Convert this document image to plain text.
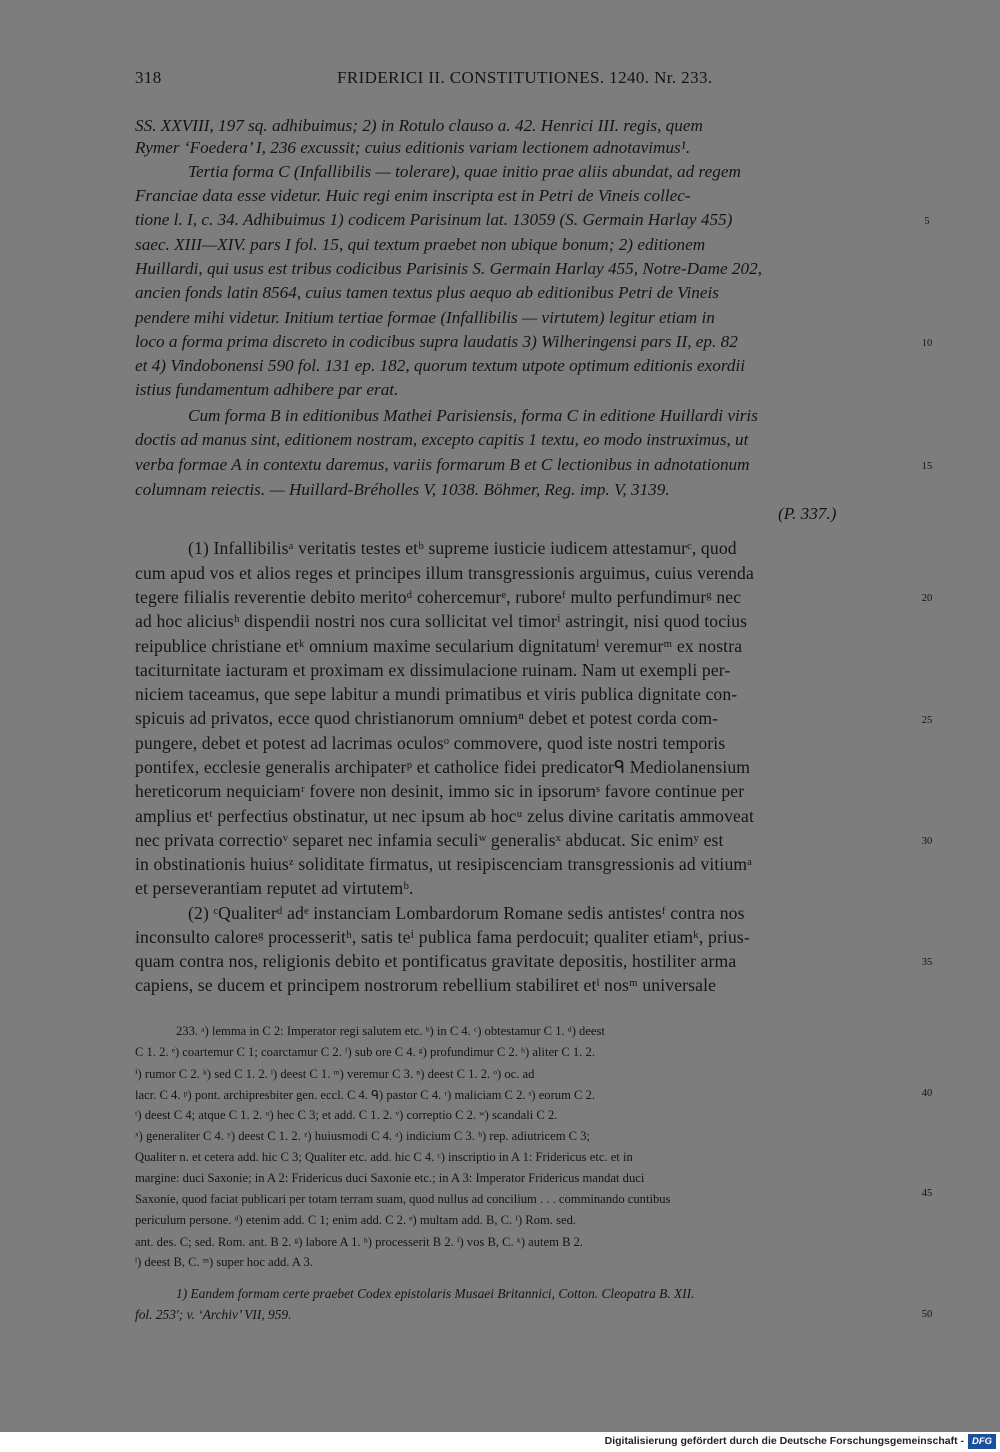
318	FRIDERICI II. CONSTITUTIONES. 1240. Nr. 233.
SS. XXVIII, 197 sq. adhibuimus; 2) in Rotulo clauso a. 42. Henrici III. regis, quem
Rymer ‘Foedera’ I, 236 excussit; cuius editionis variam lectionem adnotavimus¹.
Tertia forma C (Infallibilis — tolerare), quae initio prae aliis abundat, ad regem
Franciae data esse videtur. Huic regi enim inscripta est in Petri de Vineis collec-
tione l. I, c. 34. Adhibuimus 1) codicem Parisinum lat. 13059 (S. Germain Harlay 455)
saec. XIII—XIV. pars I fol. 15, qui textum praebet non ubique bonum; 2) editionem
Huillardi, qui usus est tribus codicibus Parisinis S. Germain Harlay 455, Notre-Dame 202,
ancien fonds latin 8564, cuius tamen textus plus aequo ab editionibus Petri de Vineis
pendere mihi videtur. Initium tertiae formae (Infallibilis — virtutem) legitur etiam in
loco a forma prima discreto in codicibus supra laudatis 3) Wilheringensi pars II, ep. 82
et 4) Vindobonensi 590 fol. 131 ep. 182, quorum textum utpote optimum editionis exordii
istius fundamentum adhibere par erat.
Cum forma B in editionibus Mathei Parisiensis, forma C in editione Huillardi viris
doctis ad manus sint, editionem nostram, excepto capitis 1 textu, eo modo instruximus, ut
verba formae A in contextu daremus, variis formarum B et C lectionibus in adnotationum
columnam reiectis. — Huillard-Bréholles V, 1038. Böhmer, Reg. imp. V, 3139.
(P. 337.)
(1) Infallibilisᵃ veritatis testes etᵇ supreme iusticie iudicem attestamurᶜ, quod
cum apud vos et alios reges et principes illum transgressionis arguimus, cuius verenda
tegere filialis reverentie debito meritoᵈ cohercemurᵉ, ruboreᶠ multo perfundimurᵍ nec
ad hoc aliciusʰ dispendii nostri nos cura sollicitat vel timorⁱ astringit, nisi quod tocius
reipublice christiane etᵏ omnium maxime secularium dignitatumˡ veremurᵐ ex nostra
taciturnitate iacturam et proximam ex dissimulacione ruinam. Nam ut exempli per-
niciem taceamus, que sepe labitur a mundi primatibus et viris publica dignitate con-
spicuis ad privatos, ecce quod christianorum omniumⁿ debet et potest corda com-
pungere, debet et potest ad lacrimas oculosᵒ commovere, quod iste nostri temporis
pontifex, ecclesie generalis archipaterᵖ et catholice fidei predicatorᑫ Mediolanensium
hereticorum nequiciamʳ fovere non desinit, immo sic in ipsorumˢ favore continue per
amplius etᵗ perfectius obstinatur, ut nec ipsum ab hocᵘ zelus divine caritatis ammoveat
nec privata correctioᵛ separet nec infamia seculiʷ generalisˣ abducat. Sic enimʸ est
in obstinationis huiusᶻ soliditate firmatus, ut resipiscenciam transgressionis ad vitiumᵃ
et perseverantiam reputet ad virtutemᵇ.
(2) ᶜQualiterᵈ adᵉ instanciam Lombardorum Romane sedis antistesᶠ contra nos
inconsulto caloreᵍ processeritʰ, satis teⁱ publica fama perdocuit; qualiter etiamᵏ, prius-
quam contra nos, religionis debito et pontificatus gravitate depositis, hostiliter arma
capiens, se ducem et principem nostrorum rebellium stabiliret etˡ nosᵐ universale
233. ᵃ) lemma in C 2: Imperator regi salutem etc. ᵇ) in C 4. ᶜ) obtestamur C 1. ᵈ) deest
C 1. 2. ᵉ) coartemur C 1; coarctamur C 2. ᶠ) sub ore C 4. ᵍ) profundimur C 2. ʰ) aliter C 1. 2.
ⁱ) rumor C 2. ᵏ) sed C 1. 2. ˡ) deest C 1. ᵐ) veremur C 3. ⁿ) deest C 1. 2. ᵒ) oc. ad
lacr. C 4. ᵖ) pont. archipresbiter gen. eccl. C 4. ᑫ) pastor C 4. ʳ) maliciam C 2. ˢ) eorum C 2.
ᵗ) deest C 4; atque C 1. 2. ᵘ) hec C 3; et add. C 1. 2. ᵛ) correptio C 2. ʷ) scandali C 2.
ˣ) generaliter C 4. ʸ) deest C 1. 2. ᶻ) huiusmodi C 4. ᵃ) indicium C 3. ᵇ) rep. adiutricem C 3;
Qualiter n. et cetera add. hic C 3; Qualiter etc. add. hic C 4. ᶜ) inscriptio in A 1: Fridericus etc. et in
margine: duci Saxonie; in A 2: Fridericus duci Saxonie etc.; in A 3: Imperator Fridericus mandat duci
Saxonie, quod faciat publicari per totam terram suam, quod nullus ad concilium . . . comminando cuntibus
periculum persone. ᵈ) etenim add. C 1; enim add. C 2. ᵉ) multam add. B, C. ᶠ) Rom. sed.
ant. des. C; sed. Rom. ant. B 2. ᵍ) labore A 1. ʰ) processerit B 2. ⁱ) vos B, C. ᵏ) autem B 2.
ˡ) deest B, C. ᵐ) super hoc add. A 3.
1) Eandem formam certe praebet Codex epistolaris Musaei Britannici, Cotton. Cleopatra B. XII.
fol. 253'; v. ‘Archiv’ VII, 959.
5
10
15
20
25
30
35
40
45
50
Digitalisierung gefördert durch die Deutsche Forschungsgemeinschaft - DFG
